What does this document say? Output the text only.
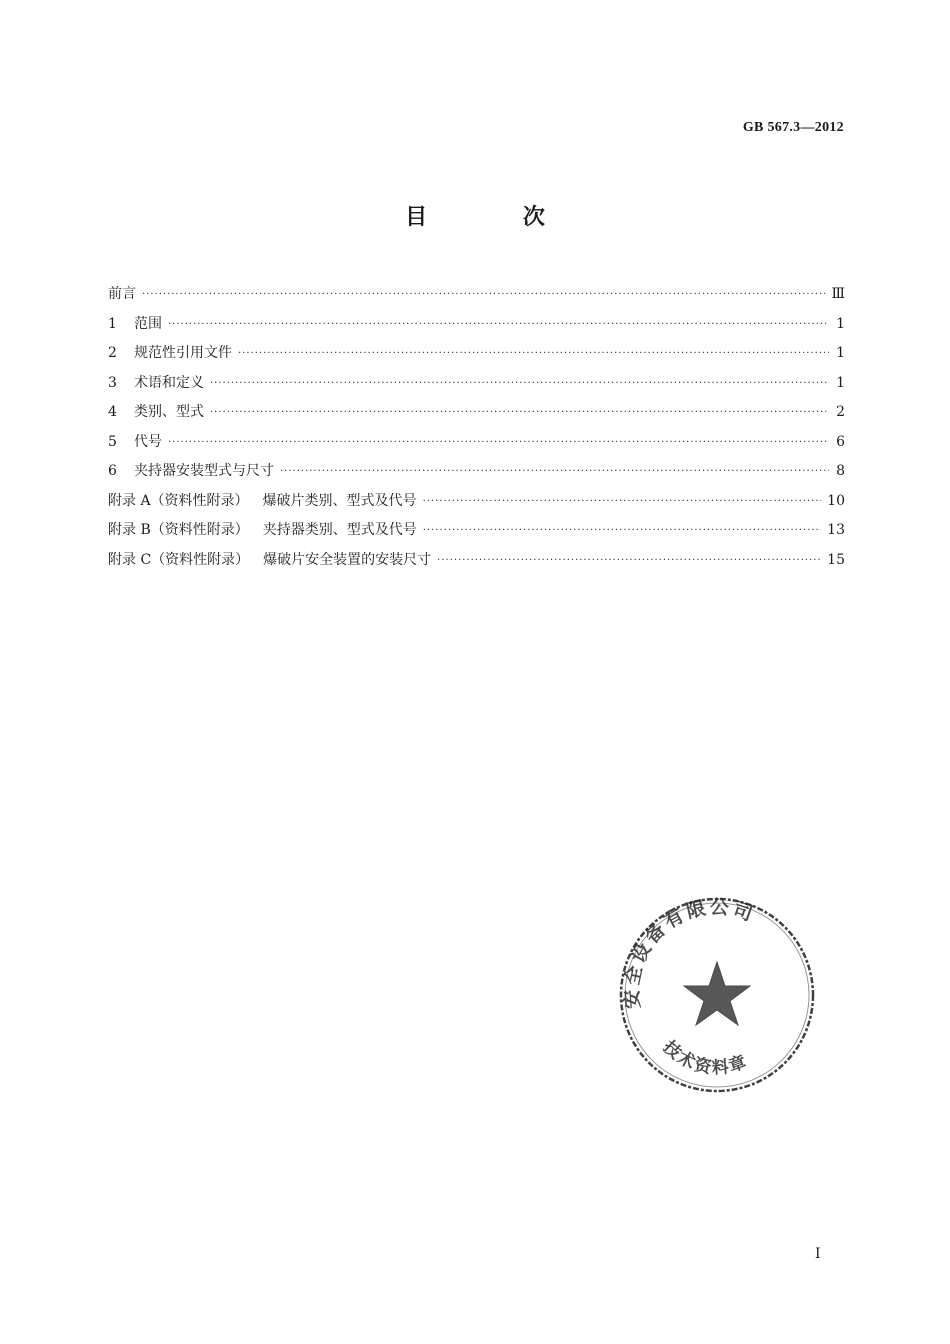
GB 567.3—2012
目 次
前言 ·····	Ⅲ
1	范围 ·····	1
2	规范性引用文件 ·····	1
3	术语和定义 ·····	1
4	类别、型式 ·····	2
5	代号 ·····	6
6	夹持器安装型式与尺寸 ·····	8
附录 A（资料性附录） 爆破片类别、型式及代号 ·····	10
附录 B（资料性附录） 夹持器类别、型式及代号 ·····	13
附录 C（资料性附录） 爆破片安全装置的安装尺寸 ·····	15
安全设备有限公司
技术资料章
I
